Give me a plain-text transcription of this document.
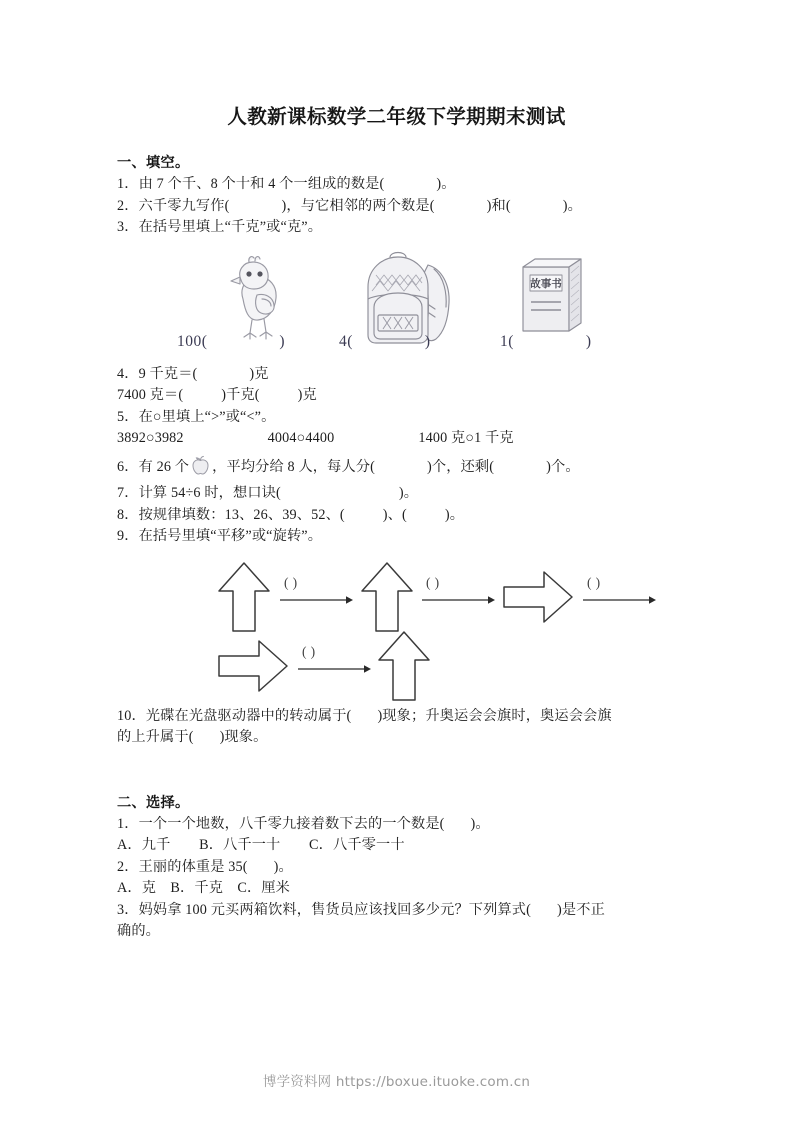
人教新课标数学二年级下学期期末测试
一、填空。

1．由 7 个千、8 个十和 4 个一组成的数是(	)。

2．六千零九写作(	)，与它相邻的两个数是(	)和(	)。

3．在括号里填上“千克”或“克”。

故事书
100(	)	4(	)	1(	)

4．9 千克＝(	)克

7400 克＝(	)千克(	)克

5．在○里填上“>”或“<”。

3892○3982	4004○4400	1400 克○1 千克

6．有 26 个 ，平均分给 8 人，每人分(	)个，还剩(	)个。

7．计算 54÷6 时，想口诀(	)。

8．按规律填数：13、26、39、52、(	)、(	)。

9．在括号里填“平移”或“旋转”。

( )	( )	( )
( )

10．光碟在光盘驱动器中的转动属于( )现象；升奥运会会旗时，奥运会会旗

的上升属于( )现象。

二、选择。

1．一个一个地数，八千零九接着数下去的一个数是( )。

A．九千　　B．八千一十　　C．八千零一十

2．王丽的体重是 35( )。

A．克　B．千克　C．厘米

3．妈妈拿 100 元买两箱饮料，售货员应该找回多少元？下列算式( )是不正

确的。

博学资料网 https://boxue.ituoke.com.cn
